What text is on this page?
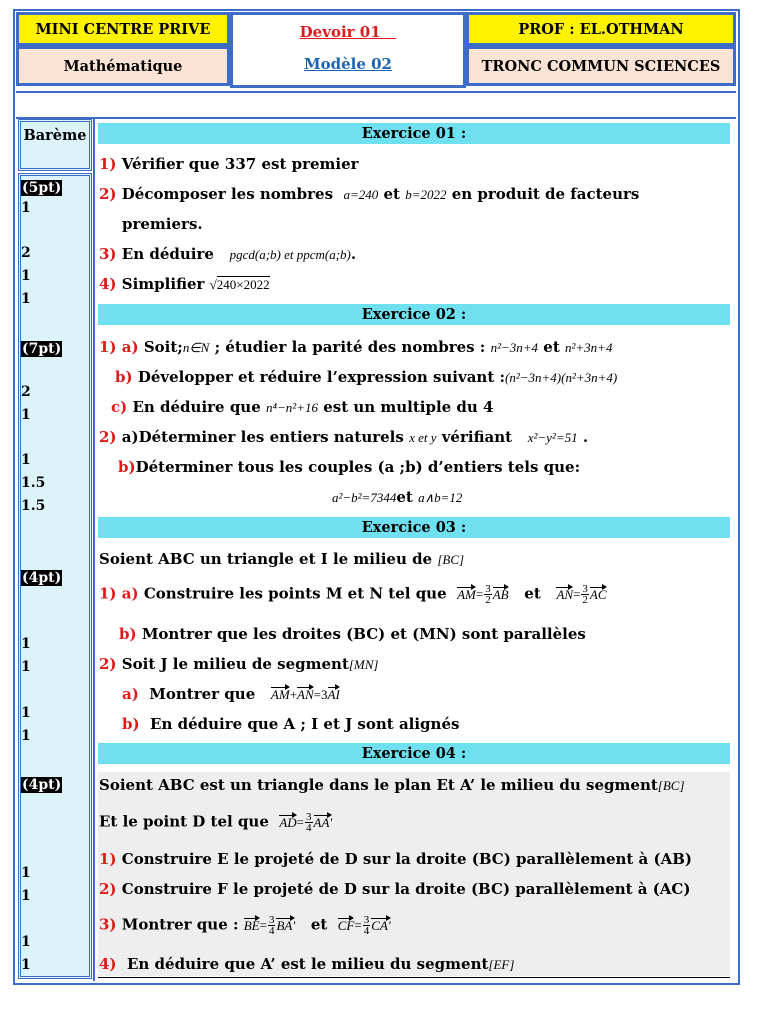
MINI CENTRE PRIVE
Mathématique
Devoir 01
Modèle 02
PROF : EL.OTHMAN
TRONC COMMUN SCIENCES
Barème
(5pt)
1
2
1
1
(7pt)
2
1
1
1.5
1.5
(4pt)
1
1
1
1
(4pt)
1
1
1
1
Exercice 01 :
1) Vérifier que 337 est premier
2) Décomposer les nombres a=240 et b=2022 en produit de facteurs
premiers.
3) En déduire pgcd(a;b) et ppcm(a;b).
4) Simplifier √240×2022
Exercice 02 :
1) a) Soit;n∈N ; étudier la parité des nombres : n²−3n+4 et n²+3n+4
b) Développer et réduire l’expression suivant :(n²−3n+4)(n²+3n+4)
c) En déduire que n⁴−n²+16 est un multiple du 4
2) a)Déterminer les entiers naturels x et y vérifiant x²−y²=51 .
b)Déterminer tous les couples (a ;b) d’entiers tels que:
a²−b²=7344et a∧b=12
Exercice 03 :
Soient ABC un triangle et I le milieu de [BC]
1) a) Construire les points M et N tel que $AM= \frac{3}{2}$ AB et $AN= \frac{3}{2}$ AC
b) Montrer que les droites (BC) et (MN) sont parallèles
2) Soit J le milieu de segment[MN]
a) Montrer que AM+AN=3AI
b) En déduire que A ; I et J sont alignés
Exercice 04 :
Soient ABC est un triangle dans le plan Et A’ le milieu du segment[BC]
Et le point D tel que $AD= \frac{3}{4} AA'$
1) Construire E le projeté de D sur la droite (BC) parallèlement à (AB)
2) Construire F le projeté de D sur la droite (BC) parallèlement à (AC)
3) Montrer que : $BE= \frac{3}{4} BA'$ et $CF= \frac{3}{4} CA'$
4) En déduire que A’ est le milieu du segment[EF]
